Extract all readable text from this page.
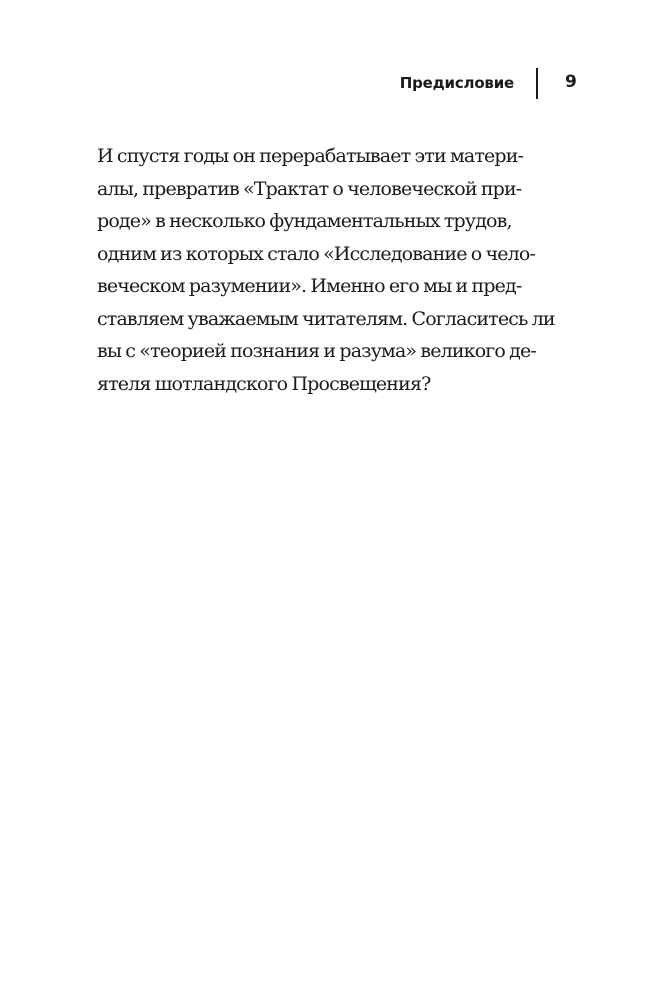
Предисловие	9
И спустя годы он перерабатывает эти матери-
алы, превратив «Трактат о человеческой при-
роде» в несколько фундаментальных трудов,
одним из которых стало «Исследование о чело-
веческом разумении». Именно его мы и пред-
ставляем уважаемым читателям. Согласитесь ли
вы с «теорией познания и разума» великого де-
ятеля шотландского Просвещения?
